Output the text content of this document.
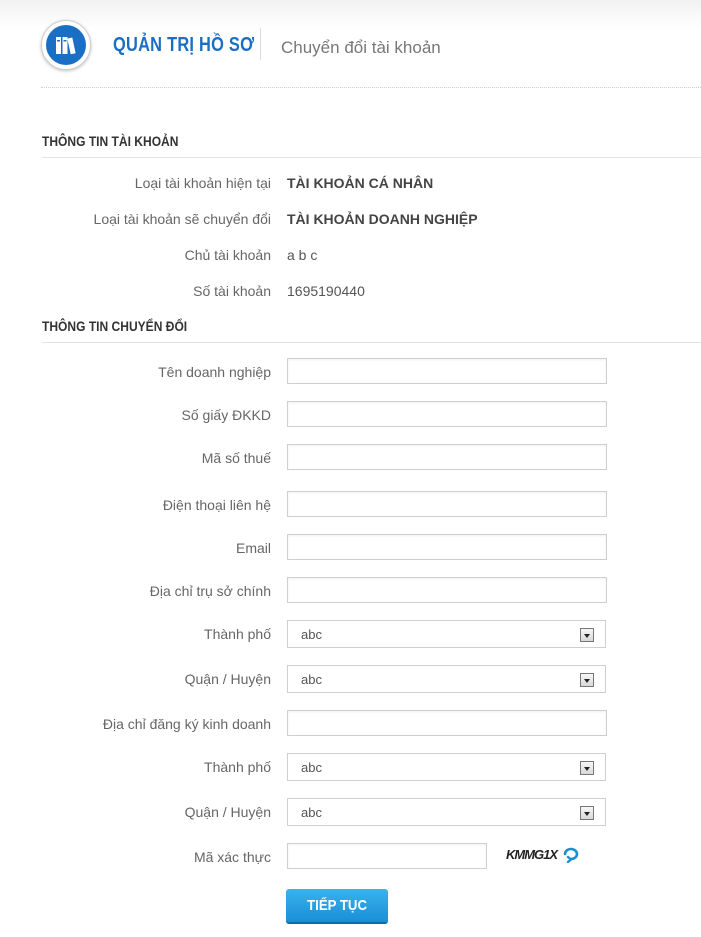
QUẢN TRỊ HỒ SƠ Chuyển đổi tài khoản
THÔNG TIN TÀI KHOẢN
Loại tài khoản hiện tại TÀI KHOẢN CÁ NHÂN
Loại tài khoản sẽ chuyển đổi TÀI KHOẢN DOANH NGHIỆP
Chủ tài khoản a b c
Số tài khoản 1695190440
THÔNG TIN CHUYỂN ĐỔI
Tên doanh nghiệp
Số giấy ĐKKD
Mã số thuế
Điện thoại liên hệ
Email
Địa chỉ trụ sở chính
Thành phố abc
Quận / Huyện abc
Địa chỉ đăng ký kinh doanh
Thành phố abc
Quận / Huyện abc
Mã xác thực	KMMG1X
TIẾP TỤC
